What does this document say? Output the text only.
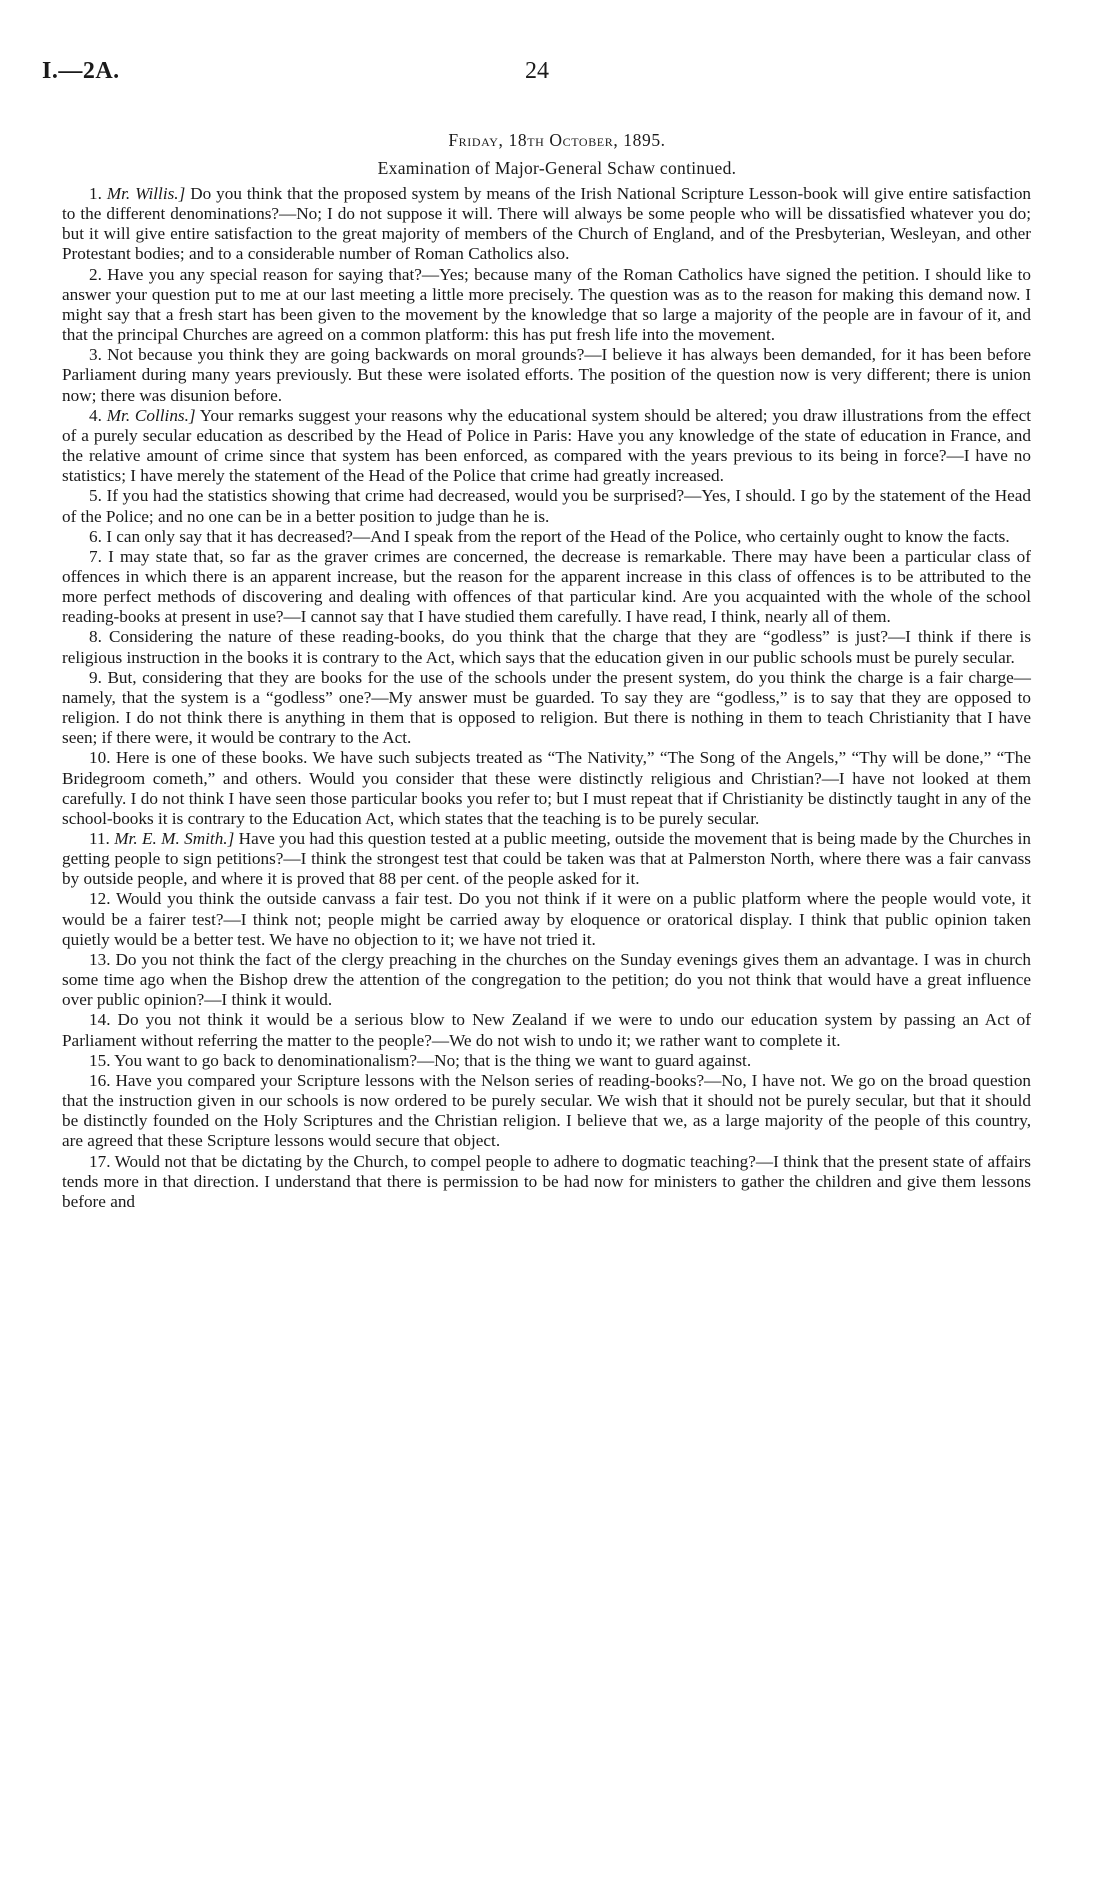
I.—2A.	24
Friday, 18th October, 1895.
Examination of Major-General Schaw continued.

1. Mr. Willis.] Do you think that the proposed system by means of the Irish National Scripture Lesson-book will give entire satisfaction to the different denominations?—No; I do not suppose it will. There will always be some people who will be dissatisfied whatever you do; but it will give entire satisfaction to the great majority of members of the Church of England, and of the Presbyterian, Wesleyan, and other Protestant bodies; and to a considerable number of Roman Catholics also.

2. Have you any special reason for saying that?—Yes; because many of the Roman Catholics have signed the petition. I should like to answer your question put to me at our last meeting a little more precisely. The question was as to the reason for making this demand now. I might say that a fresh start has been given to the movement by the knowledge that so large a majority of the people are in favour of it, and that the principal Churches are agreed on a common platform: this has put fresh life into the movement.

3. Not because you think they are going backwards on moral grounds?—I believe it has always been demanded, for it has been before Parliament during many years previously. But these were isolated efforts. The position of the question now is very different; there is union now; there was disunion before.

4. Mr. Collins.] Your remarks suggest your reasons why the educational system should be altered; you draw illustrations from the effect of a purely secular education as described by the Head of Police in Paris: Have you any knowledge of the state of education in France, and the relative amount of crime since that system has been enforced, as compared with the years previous to its being in force?—I have no statistics; I have merely the statement of the Head of the Police that crime had greatly increased.

5. If you had the statistics showing that crime had decreased, would you be surprised?—Yes, I should. I go by the statement of the Head of the Police; and no one can be in a better position to judge than he is.

6. I can only say that it has decreased?—And I speak from the report of the Head of the Police, who certainly ought to know the facts.

7. I may state that, so far as the graver crimes are concerned, the decrease is remarkable. There may have been a particular class of offences in which there is an apparent increase, but the reason for the apparent increase in this class of offences is to be attributed to the more perfect methods of discovering and dealing with offences of that particular kind. Are you acquainted with the whole of the school reading-books at present in use?—I cannot say that I have studied them carefully. I have read, I think, nearly all of them.

8. Considering the nature of these reading-books, do you think that the charge that they are “godless” is just?—I think if there is religious instruction in the books it is contrary to the Act, which says that the education given in our public schools must be purely secular.

9. But, considering that they are books for the use of the schools under the present system, do you think the charge is a fair charge—namely, that the system is a “godless” one?—My answer must be guarded. To say they are “godless,” is to say that they are opposed to religion. I do not think there is anything in them that is opposed to religion. But there is nothing in them to teach Christianity that I have seen; if there were, it would be contrary to the Act.

10. Here is one of these books. We have such subjects treated as “The Nativity,” “The Song of the Angels,” “Thy will be done,” “The Bridegroom cometh,” and others. Would you consider that these were distinctly religious and Christian?—I have not looked at them carefully. I do not think I have seen those particular books you refer to; but I must repeat that if Christianity be distinctly taught in any of the school-books it is contrary to the Education Act, which states that the teaching is to be purely secular.

11. Mr. E. M. Smith.] Have you had this question tested at a public meeting, outside the movement that is being made by the Churches in getting people to sign petitions?—I think the strongest test that could be taken was that at Palmerston North, where there was a fair canvass by outside people, and where it is proved that 88 per cent. of the people asked for it.

12. Would you think the outside canvass a fair test. Do you not think if it were on a public platform where the people would vote, it would be a fairer test?—I think not; people might be carried away by eloquence or oratorical display. I think that public opinion taken quietly would be a better test. We have no objection to it; we have not tried it.

13. Do you not think the fact of the clergy preaching in the churches on the Sunday evenings gives them an advantage. I was in church some time ago when the Bishop drew the attention of the congregation to the petition; do you not think that would have a great influence over public opinion?—I think it would.

14. Do you not think it would be a serious blow to New Zealand if we were to undo our education system by passing an Act of Parliament without referring the matter to the people?—We do not wish to undo it; we rather want to complete it.

15. You want to go back to denominationalism?—No; that is the thing we want to guard against.

16. Have you compared your Scripture lessons with the Nelson series of reading-books?—No, I have not. We go on the broad question that the instruction given in our schools is now ordered to be purely secular. We wish that it should not be purely secular, but that it should be distinctly founded on the Holy Scriptures and the Christian religion. I believe that we, as a large majority of the people of this country, are agreed that these Scripture lessons would secure that object.

17. Would not that be dictating by the Church, to compel people to adhere to dogmatic teaching?—I think that the present state of affairs tends more in that direction. I understand that there is permission to be had now for ministers to gather the children and give them lessons before and
